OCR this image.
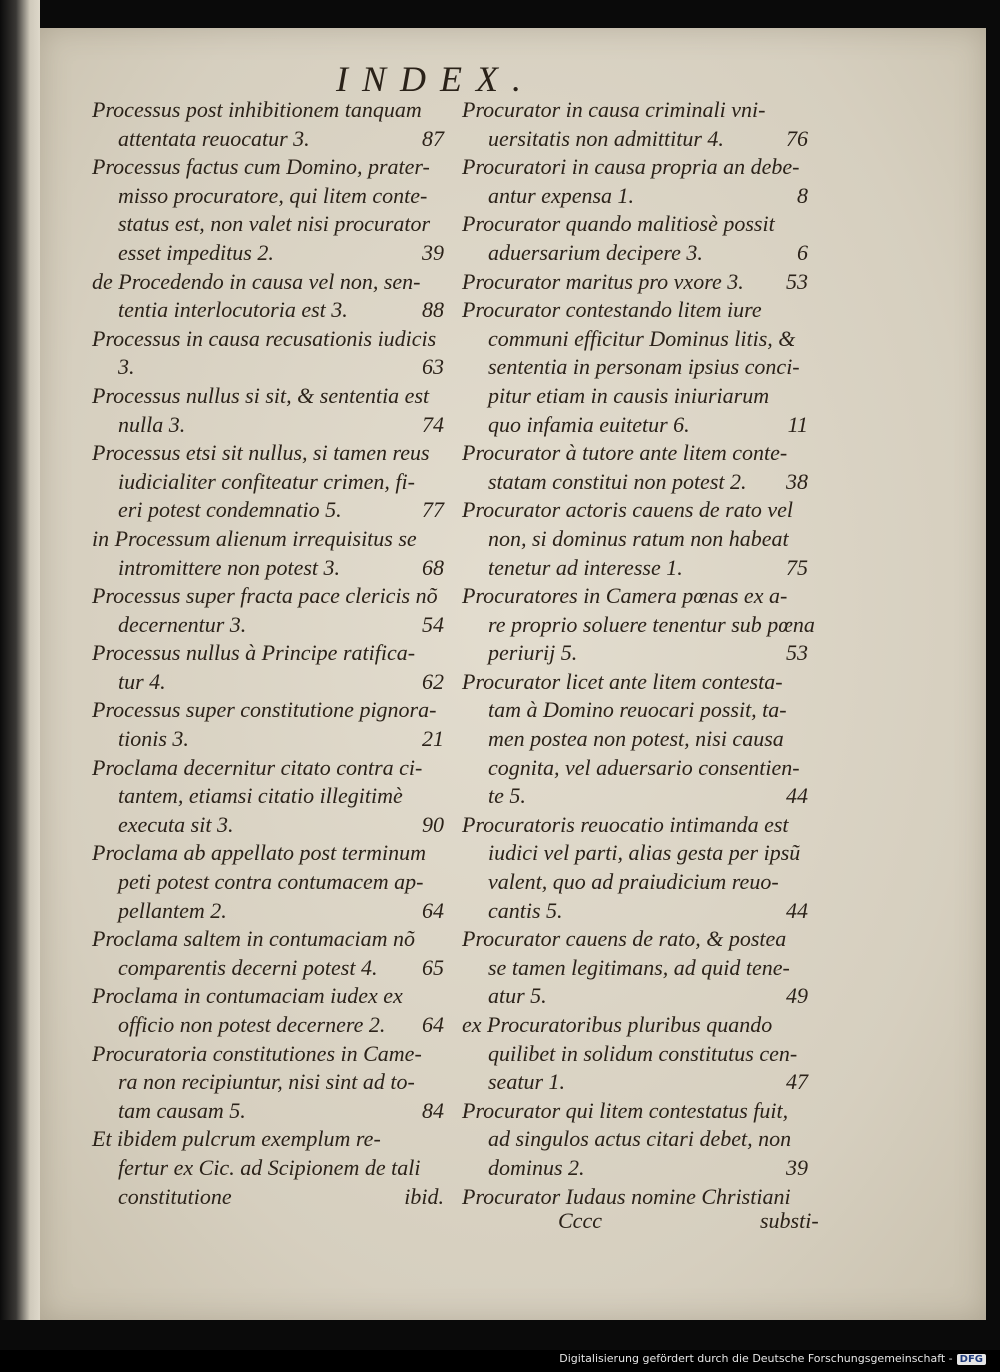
INDEX.
Processus post inhibitionem tanquam
87
attentata reuocatur 3.
Processus factus cum Domino, prater-
misso procuratore, qui litem conte-
status est, non valet nisi procurator
39
esset impeditus 2.
de Procedendo in causa vel non, sen-
88
tentia interlocutoria est 3.
Processus in causa recusationis iudicis
63
3.
Processus nullus si sit, & sententia est
74
nulla 3.
Processus etsi sit nullus, si tamen reus
iudicialiter confiteatur crimen, fi-
77
eri potest condemnatio 5.
in Processum alienum irrequisitus se
68
intromittere non potest 3.
Processus super fracta pace clericis nõ
54
decernentur 3.
Processus nullus à Principe ratifica-
62
tur 4.
Processus super constitutione pignora-
21
tionis 3.
Proclama decernitur citato contra ci-
tantem, etiamsi citatio illegitimè
90
executa sit 3.
Proclama ab appellato post terminum
peti potest contra contumacem ap-
64
pellantem 2.
Proclama saltem in contumaciam nõ
65
comparentis decerni potest 4.
Proclama in contumaciam iudex ex
64
officio non potest decernere 2.
Procuratoria constitutiones in Came-
ra non recipiuntur, nisi sint ad to-
84
tam causam 5.
Et ibidem pulcrum exemplum re-
fertur ex Cic. ad Scipionem de tali
ibid.
constitutione
Procurator in causa criminali vni-
76
uersitatis non admittitur 4.
Procuratori in causa propria an debe-
8
antur expensa 1.
Procurator quando malitiosè possit
6
aduersarium decipere 3.
53
Procurator maritus pro vxore 3.
Procurator contestando litem iure
communi efficitur Dominus litis, &
sententia in personam ipsius conci-
pitur etiam in causis iniuriarum
11
quo infamia euitetur 6.
Procurator à tutore ante litem conte-
38
statam constitui non potest 2.
Procurator actoris cauens de rato vel
non, si dominus ratum non habeat
75
tenetur ad interesse 1.
Procuratores in Camera pœnas ex a-
re proprio soluere tenentur sub pœna
53
periurij 5.
Procurator licet ante litem contesta-
tam à Domino reuocari possit, ta-
men postea non potest, nisi causa
cognita, vel aduersario consentien-
44
te 5.
Procuratoris reuocatio intimanda est
iudici vel parti, alias gesta per ipsũ
valent, quo ad praiudicium reuo-
44
cantis 5.
Procurator cauens de rato, & postea
se tamen legitimans, ad quid tene-
49
atur 5.
ex Procuratoribus pluribus quando
quilibet in solidum constitutus cen-
47
seatur 1.
Procurator qui litem contestatus fuit,
ad singulos actus citari debet, non
39
dominus 2.
Procurator Iudaus nomine Christiani
Cccc	substi-
Digitalisierung gefördert durch die Deutsche Forschungsgemeinschaft - DFG
